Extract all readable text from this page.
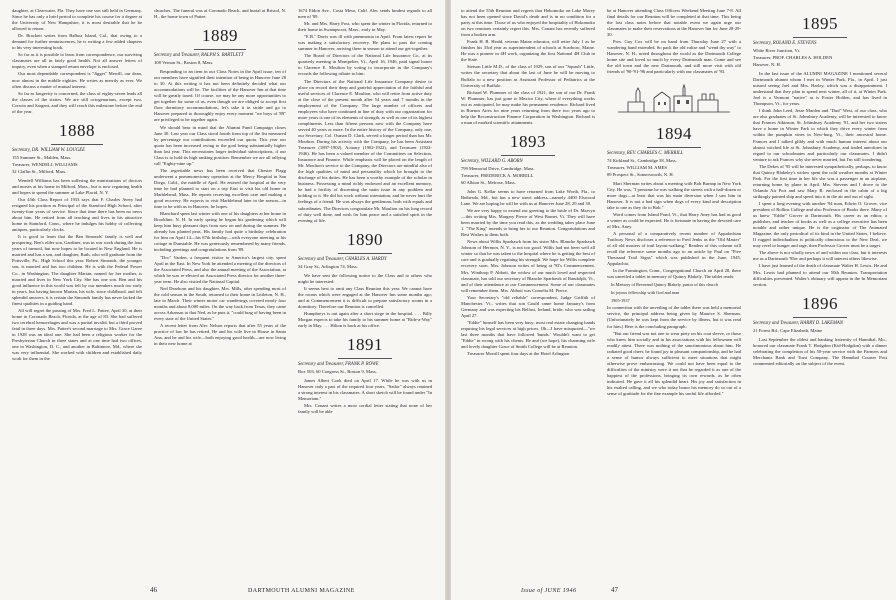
daughter, at Clearwater, Fla. They have one son still held in Germany. Since he has only a brief period to complete his course for a degree at the University of New Hampshire, it is most desirable that he be allowed to return.

Dr. Brackett writes from Balboa Island, Cal., that owing to a demand for further reminiscences, he is writing a few added chapters to his very interesting book.

So far as it is possible to learn from correspondence, our surviving classmates are all in fairly good health. Not all answer letters of inquiry, even when a stamped return envelope is enclosed.

Our most dependable correspondent is "Jigger" Merrill, our dean, now almost in the middle eighties. He writes as merrily as ever. We often discuss a matter of mutual interest.

So far as longevity is concerned, the class of eighty-seven leads all the classes of the sixties. We are still octogenarians, except two, Corwin and Sargent, and they will reach this milestone before the end of the year.

1888

Secretary, DR. WILLIAM W. LOUGEE

155 Summer St., Malden, Mass.

Treasurer, WENDELL WILLIAMS

32 Claflin St., Milford, Mass.

Wendell Williams has been suffering the ministrations of doctors and nurses at his home in Milford, Mass., but is now regaining health and hopes to spend the summer at Lake Placid, N. Y.

Our 45th Class Report of 1933 says that F. Charles Avery had resigned his position as Principal of the Stamford High School, after twenty-four years of service. Since that time there has been no news about him. He retired from all teaching and lives in his attractive home in Stamford, Conn., where he indulges his hobby of collecting antiques, particularly clocks.

It is good to learn that the Ben Simonds' family is well and prospering. Ben's elder son, Gardiner, was in war work during the four years of turmoil, but now hopes to be located in New England. He is married and has a son, and daughter, Ruth, who will graduate from the Pottsville, Pa., High School this year. Robert Simonds, the younger son, is married and has two children. He is with the Federal Power Co., in Washington. The daughter Marian, named for her mother, is married and lives in New York City. She has one son. Ben and his good influence in this world was felt by our members much too early in years, but having known Marian, his wife, since childhood, and felt splendid answers, it is certain the Simonds family has never lacked the finest qualities in a guiding hand.

All will regret the passing of Mrs. Fred L. Pattee, April 30, at their home in Coronado Beach, Florida, at the age of 83. She had suffered two cerebral hemorrhages and was a partial invalid, but a third proved fatal in three days. Mrs. Pattee's second marriage to Mrs. Grace Garee in 1928 was an ideal one. She had been a religious worker for the Presbyterian Church in three states and at one time had two offices, one in Washington, D. C., and another in Baltimore, Md., where she was very influential. She worked with children and established daily work for them in the

churches. The funeral was at Coronado Beach, and burial at Bristol, N. H., the home town of Pattee.

1889

Secretary and Treasurer, RALPH S. BARTLETT

108 Vernon St., Boston 8, Mass.

Responding to an item in our Class Notes in the April issue, ten of our members have signified their intention of being in Hanover June 28 to 30. At this writing it has not been definitely decided what our accommodations will be. The facilities of the Hanover Inn at that time will be greatly taxed. Of course, we may be any more opportunities to get together for some of us, even though we are obliged to accept first floor dormitory accommodations, let's take it in stride and go to Hanover prepared to thoroughly enjoy every moment "we boys of '89" are privileged to be together again.

We should bear in mind that the Alumni Fund Campaign closes June 30. Last year our Class stood fourth from top of the list measured by percentage our contributions exceeded our quota. This year our quota has been increased owing to the goal being substantially higher than last year. This necessitates larger individual subscriptions, if our Class is to hold its high ranking position. Remember we are all rallying call "Eighty-nine up."

The regrettable news has been received that Chester Flagg underwent a pneumonectomy operation at the Mercy Hospital in San Diego, Calif., the middle of April. He entered the hospital at the very time he had planned to start on a trip East to visit his old home in Marblehead, Mass. He reports receiving excellent care and making a good recovery. He expects to visit Marblehead later in the season—in time to be with us in Hanover, he hopes.

Blanchard spent last winter with one of his daughters at her home in Brookline, N. H. In early spring he began his gardening which will keep him busy pleasant days from now on and during the summer. He already has planted peas. His family had quite a birthday celebration for him on April 14—his 87th birthday—with everyone meeting at his cottage in Dunstable. He was generously remembered by many friends, including greetings and congratulations from '89.

"Doc" Varden, a frequent visitor to America's largest city, spent April in the East. In New York he attended a meeting of the directors of the Associated Press, and also the annual meeting of the Association, at which he was re-elected an Associated Press director for another three-year term. He also visited the National Capital.

Ned Dearborn and his daughter, Mrs. Mills, after spending most of the cold season in the South, returned to their home in Littleton, N. H., late in March. Their winter motor car wanderings covered nearly four months and about 8,000 miles. On the way back from Texas, they came across Arkansas to that Ned, as he puts it, "could brag of having been in every state of the United States."

A recent letter from Alec Nelson reports that after 55 years of the practice of law he has retired. He and his wife live in House in Santa Ana, and he and his wife—both enjoying good health—are now living in their new home at

1674 Eldon Ave., Costa Mesa, Calif. Alec sends kindest regards to all men of '89.

Mr. and Mrs. Harry Fost, who spent the winter in Florida, returned to their home in Swampscott, Mass., early in May.

"E.B." Davis was ill with pneumonia in April. From latest report he was making a satisfactory recovery. He plans to pass the coming summer in Hanover, arriving there in season to attend our get-together.

The Board of Directors of the National Life Insurance Co., at its quarterly meeting in Montpelier, Vt., April 16, 1946, paid signal honor to Clarence E. Moulton by voting to incorporate in the Company's records the following tribute to him:

The Directors of the National Life Insurance Company desire to place on record their deep and grateful appreciation of the faithful and useful services of Clarence E. Moulton, who will retire from active duty at the close of the present month after 54 years and 7 months in the employment of the Company. The large number of officers and employees who have continued in line of duty with our organization for more years is one of its elements of strength, as well as one of its highest compliments. Less than fifteen persons now with the Company have served 40 years or more. In the entire history of the Company, only one, our Secretary, Col. Osman D. Clark, served a longer period than has Mr. Moulton. During his activity with the Company, he has been Assistant Treasurer (1897-1902), Actuary (1902-1922), and Treasurer (1922-1946). He has been a valued member of the Committees on Selection, Insurance and Finance. While emphasis will be placed on the length of Mr. Moulton's service to the Company, the Directors are mindful also of the high qualities of mind and personality which he brought to the discharge of his duties. He has been a worthy example of the scholar in business. Possessing a mind richly endowed and an excellent memory, he had a facility of discerning the main issue in any problem and holding to it. He did his work without ostentation, and he never hurt the feelings of a friend. He was always the gentleman, both with equals and subordinates. The Directors congratulate Mr. Moulton on his long record of duty well done, and wish for him peace and a satisfied spirit in the evening of life.

1890

Secretary and Treasurer, CHARLES A. HARDY

34 Gray St., Arlington 74, Mass.

We have sent the following notice to the Class and to others who might be interested:

It seems best to omit any Class Reunion this year. We cannot have the rooms which were engaged at the Hanover Inn some months ago; and at Commencement it is difficult to prepare satisfactory rooms in a dormitory. Therefore our Reunion is cancelled.

Humphreys is out again after a short siege in the hospital. . . . Billy Morgan expects to take his family to his summer home at "Ride-a-Way" early in May. . . . Hilton is back at his office.

1891

Secretary and Treasurer, FRANK P. ROWE

Box 503, 60 Congress St., Boston 9, Mass.

James Albert Cook died on April 17. While he was with us in Hanover only a part of the required four years, "Sailor" always retained a strong interest in his classmates. A short sketch will be found under "In Memoriam."

Mrs. Conant writes a most cordial letter stating that none of her family will be able

46	DARTMOUTH ALUMNI MAGAZINE

to attend the 55th Reunion and regrets that Hokomoko on Lake Morey has not been opened since David's death and is in no condition for a party at this time. Those of us who enjoyed the hospitality of Hokomoko on two reunions certainly regret this. Mrs. Conant has recently suffered from a broken arm.

Frank H. B. Heald, veteran Maine educator, will retire July 1 as he finishes his 33rd year as superintendent of schools at Scarboro, Maine. He was a pioneer in 4H work, organizing the first National 4H Club in the State.

Stetson Little M.D., of the class of 1929, son of our "Squash" Little, writes the secretary that about the last of June he will be moving to Buffalo to a new position as Assistant Professor of Pediatrics at the University of Buffalo.

Richard W. Plummer of the class of 1921, the son of our Dr. Frank W. Plummer, has just gone to Mexico City, where if everything works out as anticipated, he may make his permanent residence. Richard lived in Buenos Aires for nine years returning from there two years ago to help the Reconstruction Finance Corporation in Washington. Richard is a man of marked scientific attainments.

1893

Secretary, WILLARD G. ABORN

799 Memorial Drive, Cambridge, Mass.

Treasurer, FREDERICK A. MORRILL

60 Albion St., Melrose, Mass.

John G. Kellar seems to have returned from Lake Worth, Fla., to Bethesda, Md., but has a new street address—namely 4400 Elswood Lane. We are hoping he will be with us at Hanover June 28, 29 and 30.

We are very happy to extend our greeting to the bride of Dr. Marvyn—this writing Mrs. Margery Pierce of West Barnet, Vt. They will have been married by the time you read this, as the wedding takes place June 1. "The King" intends to bring her to our Reunion. Congratulations and Best Wishes to them both.

News about Willis Sparhawk from his sister Mrs. Blanche Sparhawk Johnson of Hermon, N. Y., is not too good. Willis had not been well all winter so that he was taken to the hospital where he is getting the best of care and is gradually regaining his strength. We hope for Willis complete recovery soon. Mrs. Johnson writes of being at '93's Commencement. Mrs. Winthrop P. Abbott, the widow of our much loved and respected classmate, has told our secretary of Blanche Sparhawk of Randolph, Vt., and of their attendance at our Commencement. Some of our classmates will remember them. Mrs. Abbott was Cornelia M. Pierce.

Your Secretary's "old reliable" correspondent, Judge Griffith of Manchester, Vt., writes that son Gould came home January's from Germany and was expecting his Belfast, Ireland, bride, who was sailing April 27.

"Eddie" himself has been very busy; most real estate changing hands requiring his legal services at high prices. Oh—I have misquoted—"we last three months that have followed 'bunds.' Wouldn't want to get "Eddie" in wrong with his clients. He and (we hope), his charming wife and lovely daughter Grace of Smith College will be at Reunion.

Treasurer Morrill spent four days at the Hotel Arlington

be at Hanover attending Class Officers Weekend Meeting June 7-8. All final details for our Reunion will be completed at that time. This being the last class notes before that notable event we again urge our classmates to make their reservations at the Hanover Inn for June 28-29-30.

Pres. Guy Cox will be on hand from Thursday June 27 with a wandering hand extended. So pack the old valise and "wend thy way" to Hanover, N. H., noted throughout the world as the Dartmouth College home site and loved so much by every Dartmouth man. Come and see the old town and the new Dartmouth, and still more visit with old friends of '90-'91-'96 and particularly with our classmates of '93.

1894

Secretary, REV. CHARLES C. MERRILL

74 Kirkland St., Cambridge 38, Mass.

Treasurer, WILLIAM M. AMES

89 Prospect St., Somersworth, N. H.

Mart Sherman writes about a meeting with Bob Burnap in New York City. He was, "I presume he was walking the streets with a half-dozen or more dogs—at least that was his main diversion when I saw him in Hanover. It is not a bad sign when dogs of every kind and description take to one as they do to Bob."

Word comes from Island Pond, Vt., that Harry Aney has had as good a winter as could be expected. He is fortunate in having the devoted care of Mrs. Aney.

A personal of a comparatively recent number of Appalachian Trailway News discloses a reference to Fred Jenks as the "Old Master" of all old masters of trail layout-walking." Readers of this column will recall the reference some months ago to an article by Paul on "Five Thousand Trail Signs" which was published in the June, 1945, Appalachia.

In the Farmington, Conn., Congregational Church on April 28, there was unveiled a tablet in memory of Quincy Blakely. The tablet reads:

In Memory of Reverend Quincy Blakely, pastor of this church

In joyous fellowship with God and man

1905-1937

In connection with the unveiling of the tablet there was held a memorial service, the principal address being given by Maurice S. Sherman. (Unfortunately he was kept from the service by illness, but it was read for him.) Here is the concluding paragraph:

"But our friend was not one to wear piety on his coat sleeve, or those who knew him socially and in his associations with his fellowmen will readily attest. There was nothing of the sanctimonious about him. He radiated good cheer, he found joy in pleasant companionship, and he had a sense of humor always sufficient to meet situations that might otherwise prove embarrassing. We could not have been equal to the difficulties of the ministry were it not that he regarded it as one of the happiest of the professions, bringing its own rewards, as he often indicated. He gave it all his splendid heart. His joy and satisfaction in his exalted calling, and we who today honor his memory do so out of a sense of gratitude for the fine example his useful life afforded."

1895

Secretary, ROLAND E. STEVENS

White River Junction, Vt.

Treasurer, PROF. CHARLES A. HOLDEN

Hanover, N. H.

In the last issue of the ALUMNI MAGAZINE I mentioned several Dartmouth alumni whom I met in Winter Park, Fla., in April. I just missed seeing Joel and Mrs. Harley, which was a disappointment. I understand that they plan to spend next winter, all of it, at Winter Park. Joel is a Vermont "native" as is Foster Holden, and has lived in Thompson, Vt., for years.

I think John Leed, Jesse Marden and "Dud" West, of our class, who are also graduates of St. Johnsbury Academy, will be interested to know that Frances Atkinson, St. Johnsbury Academy '91, and her two sisters have a home in Winter Park to which they drive every winter from within the pumpkin vines in New-burg, Vt., their ancestral home. Frances and I talked glibly and with much human interest about our almost witched life at St. Johnsbury Academy, and traded anecdotes in regard to our schoolmates and particularly our classmates. I didn't venture to ask Frances why she never married, but I'm still wondering.

The Dekes of '95 will be interested sympathetically, perhaps, to know that Quincy Blakeley's widow spent the cold weather months at Winter Park. For the first time in her life she was a passenger in an airplane, returning home by plane in April. Mrs. Stevens and I drove to the Orlando Air Port and saw Mary B. enclosed in the cabin of a big strikingly painted ship and speed into it in the air and out of sight.

I spent a long evening with another '94 man, Edwin O. Grover, vice president of Rollins College and also Professor of Books there. Many of us knew "Eddie" Grover at Dartmouth. His career as an editor, a publisher, and teacher of books as well as a college executive has been notable and rather unique. He is the originator of The Animated Magazine, the only periodical of its kind in the United States, I believe. If rugged individualism is politically obnoxious to the New Deal, we may revel to hunger and rage, then Professor Grover must be a target.

The above is not wholly news of and within our class, but it interests me as a Dartmouth '95er and perhaps it will interest others likewise.

I have just learned of the death of classmate Walter H. Lewis. He and Mrs. Lewis had planned to attend our 50th Reunion. Transportation difficulties prevented. Walter's obituary will appear in the In Memoriam section.

1896

Secretary and Treasurer, HARRY D. LAKEMAN

21 Forest Rd., Cape Elizabeth, Maine

Last September the oldest and banking fraternity of Hannibal, Mo., honored our classmate Frank T. Hodgdon (Kid-Hodgdon) with a dinner celebrating the completion of his 50-year service with the Farmers and Merchants Bank and Trust Company. The Hannibal Courier Post commented editorially on the subject of the event.

Issue of JUNE 1946	47
